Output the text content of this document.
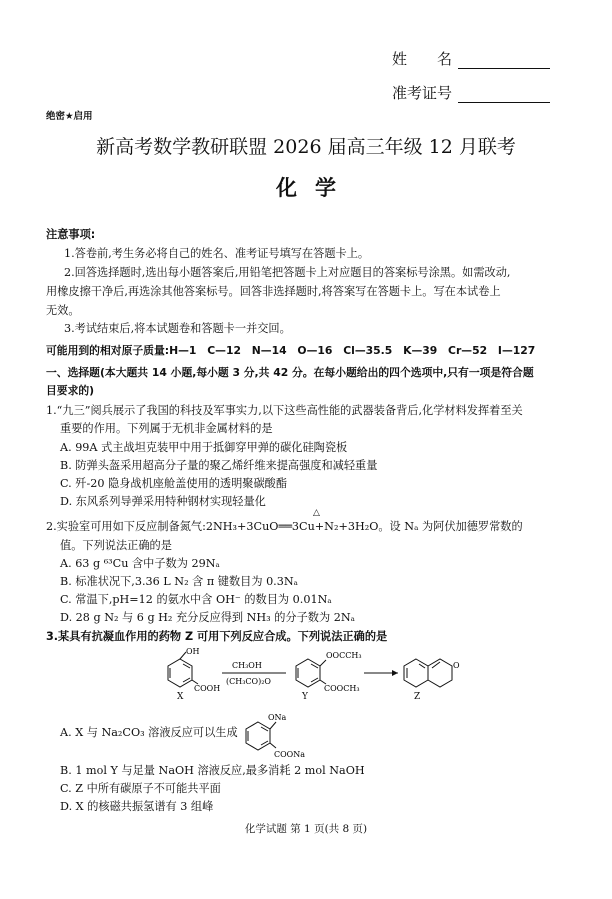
姓　　名
准考证号
绝密★启用
新高考数学教研联盟 2026 届高三年级 12 月联考
化学
注意事项:
1.答卷前,考生务必将自己的姓名、准考证号填写在答题卡上。
2.回答选择题时,选出每小题答案后,用铅笔把答题卡上对应题目的答案标号涂黑。如需改动,
用橡皮擦干净后,再选涂其他答案标号。回答非选择题时,将答案写在答题卡上。写在本试卷上
无效。
3.考试结束后,将本试题卷和答题卡一并交回。
可能用到的相对原子质量:H—1　C—12　N—14　O—16　Cl—35.5　K—39　Cr—52　I—127
一、选择题(本大题共 14 小题,每小题 3 分,共 42 分。在每小题给出的四个选项中,只有一项是符合题
目要求的)
1.“九三”阅兵展示了我国的科技及军事实力,以下这些高性能的武器装备背后,化学材料发挥着至关
重要的作用。下列属于无机非金属材料的是
A. 99A 式主战坦克装甲中用于抵御穿甲弹的碳化硅陶瓷板
B. 防弹头盔采用超高分子量的聚乙烯纤维来提高强度和减轻重量
C. 歼-20 隐身战机座舱盖使用的透明聚碳酸酯
D. 东风系列导弹采用特种钢材实现轻量化
△
2.实验室可用如下反应制备氮气:2NH₃+3CuO══3Cu+N₂+3H₂O。设 Nₐ 为阿伏加德罗常数的
值。下列说法正确的是
A. 63 g ⁶³Cu 含中子数为 29Nₐ
B. 标准状况下,3.36 L N₂ 含 π 键数目为 0.3Nₐ
C. 常温下,pH=12 的氨水中含 OH⁻ 的数目为 0.01Nₐ
D. 28 g N₂ 与 6 g H₂ 充分反应得到 NH₃ 的分子数为 2Nₐ
3.某具有抗凝血作用的药物 Z 可用下列反应合成。下列说法正确的是
OH
COOH
CH₃OH
(CH₃CO)₂O
OOCCH₃
COOCH₃
O
X	Y	Z
A. X 与 Na₂CO₃ 溶液反应可以生成
ONa
COONa
B. 1 mol Y 与足量 NaOH 溶液反应,最多消耗 2 mol NaOH
C. Z 中所有碳原子不可能共平面
D. X 的核磁共振氢谱有 3 组峰
化学试题 第 1 页(共 8 页)
